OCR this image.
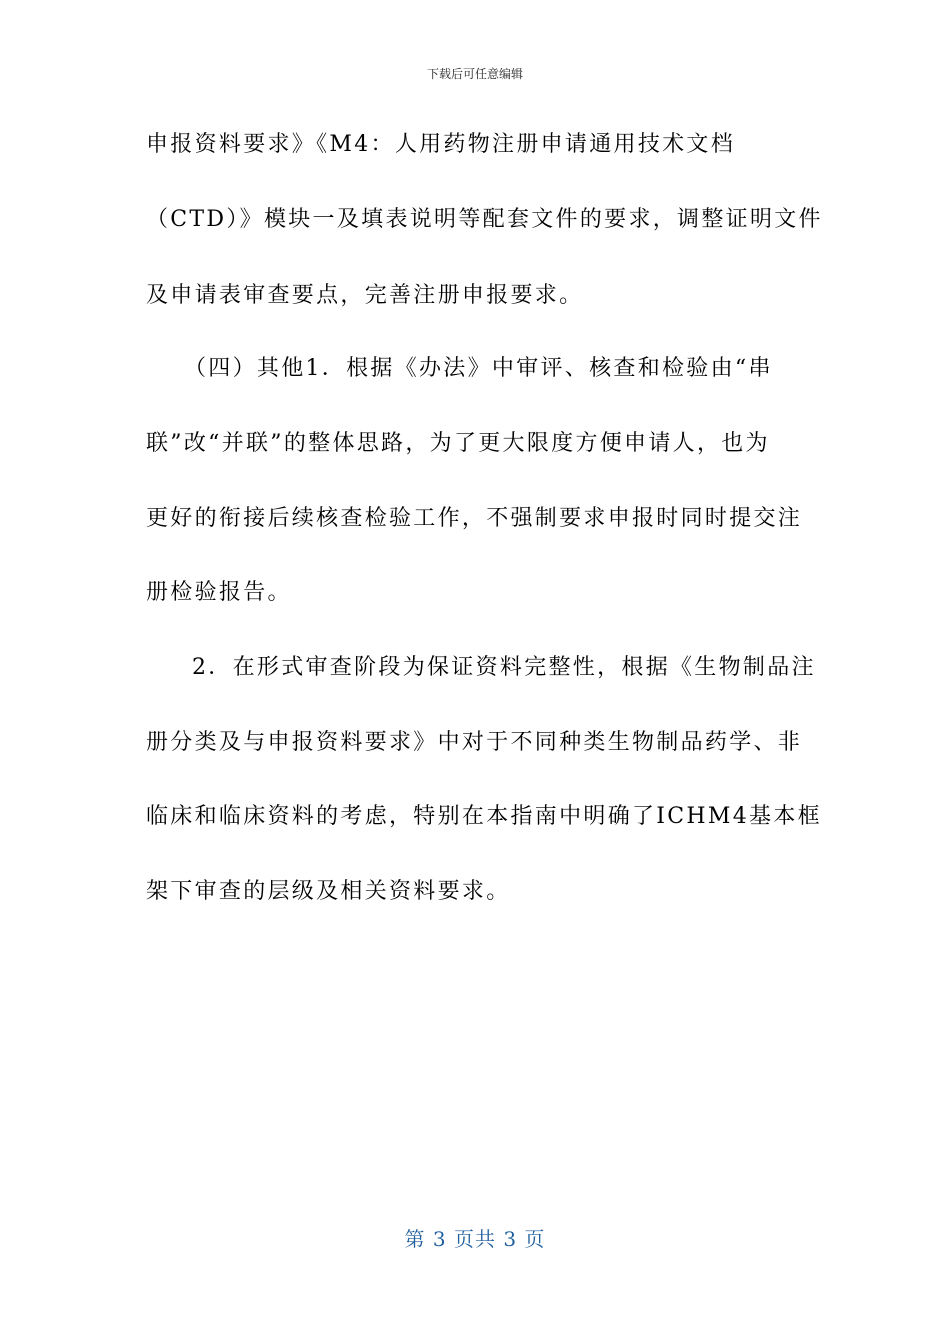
下载后可任意编辑
申报资料要求》《M4：人用药物注册申请通用技术文档
（CTD）》模块一及填表说明等配套文件的要求，调整证明文件
及申请表审查要点，完善注册申报要求。
（四）其他1．根据《办法》中审评、核查和检验由“串
联”改“并联”的整体思路，为了更大限度方便申请人，也为
更好的衔接后续核查检验工作，不强制要求申报时同时提交注
册检验报告。
2．在形式审查阶段为保证资料完整性，根据《生物制品注
册分类及与申报资料要求》中对于不同种类生物制品药学、非
临床和临床资料的考虑，特别在本指南中明确了ICHM4基本框
架下审查的层级及相关资料要求。
第 3 页共 3 页
